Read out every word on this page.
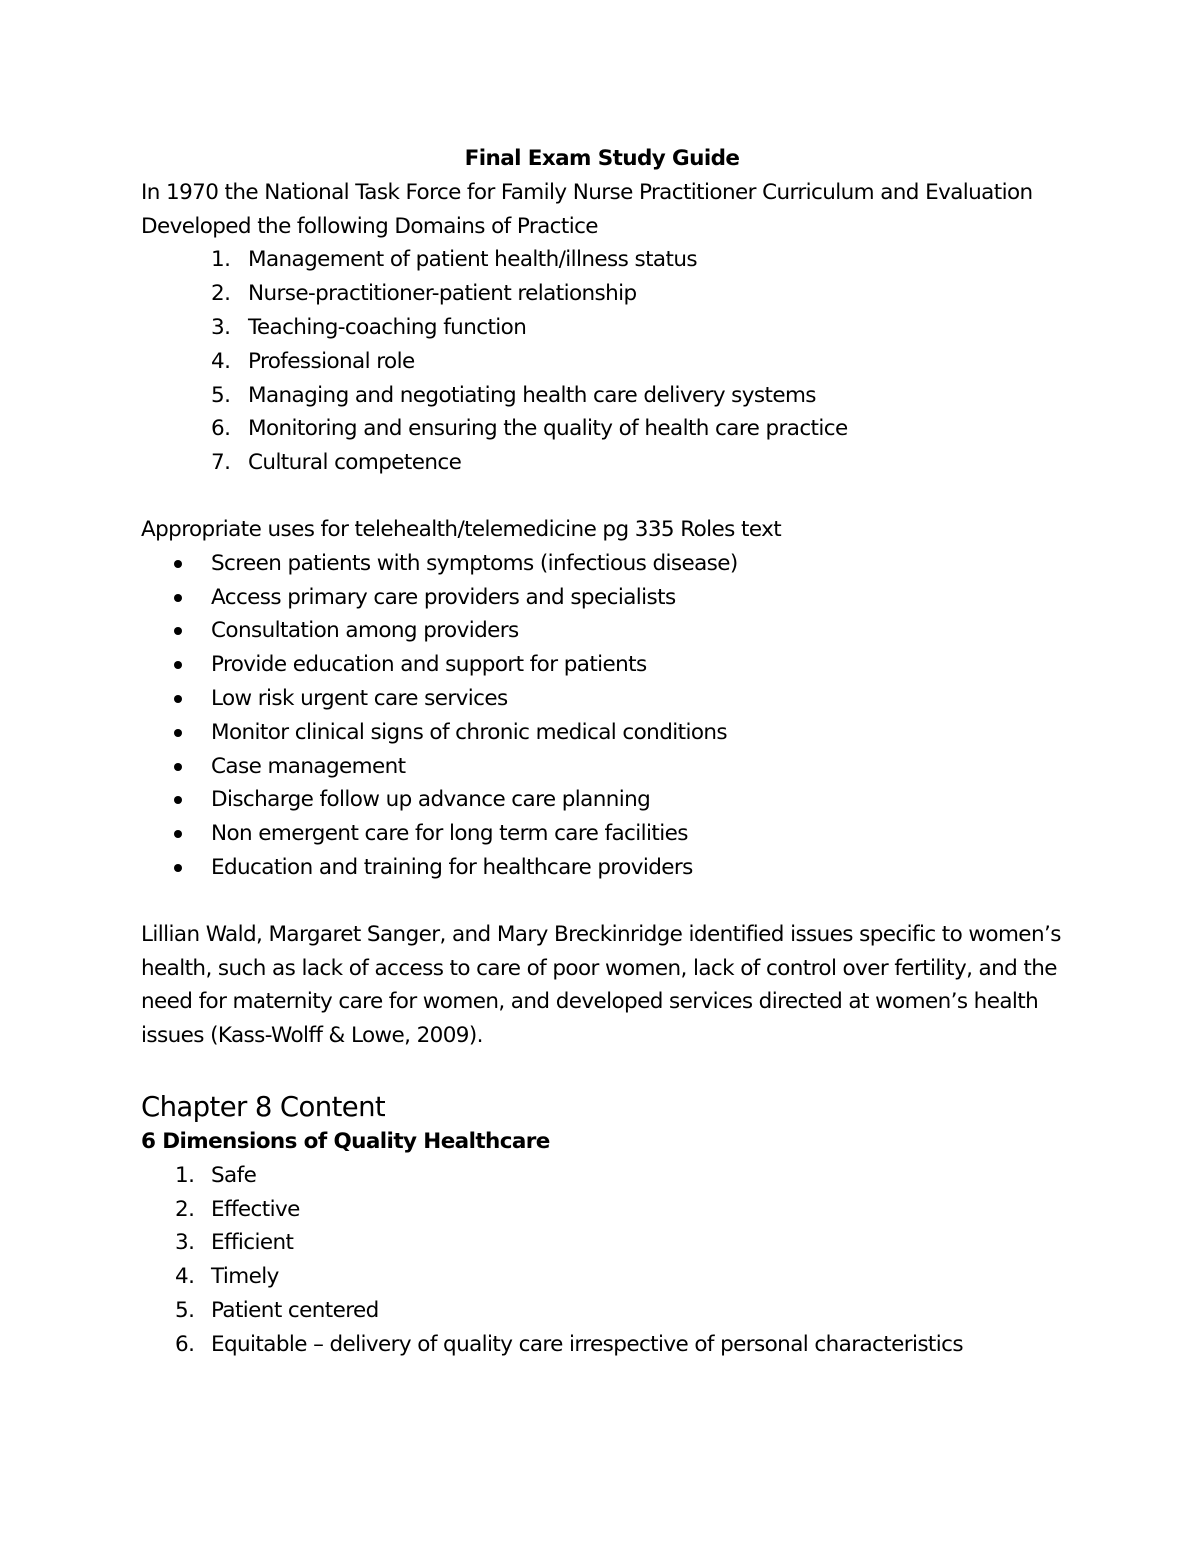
Final Exam Study Guide

In 1970 the National Task Force for Family Nurse Practitioner Curriculum and Evaluation Developed the following Domains of Practice

1. Management of patient health/illness status
2. Nurse-practitioner-patient relationship
3. Teaching-coaching function
4. Professional role
5. Managing and negotiating health care delivery systems
6. Monitoring and ensuring the quality of health care practice
7. Cultural competence

Appropriate uses for telehealth/telemedicine pg 335 Roles text

Screen patients with symptoms (infectious disease)
Access primary care providers and specialists
Consultation among providers
Provide education and support for patients
Low risk urgent care services
Monitor clinical signs of chronic medical conditions
Case management
Discharge follow up advance care planning
Non emergent care for long term care facilities
Education and training for healthcare providers

Lillian Wald, Margaret Sanger, and Mary Breckinridge identified issues specific to women’s health, such as lack of access to care of poor women, lack of control over fertility, and the need for maternity care for women, and developed services directed at women’s health issues (Kass-Wolff & Lowe, 2009).

Chapter 8 Content
6 Dimensions of Quality Healthcare
1. Safe
2. Effective
3. Efficient
4. Timely
5. Patient centered
6. Equitable – delivery of quality care irrespective of personal characteristics
